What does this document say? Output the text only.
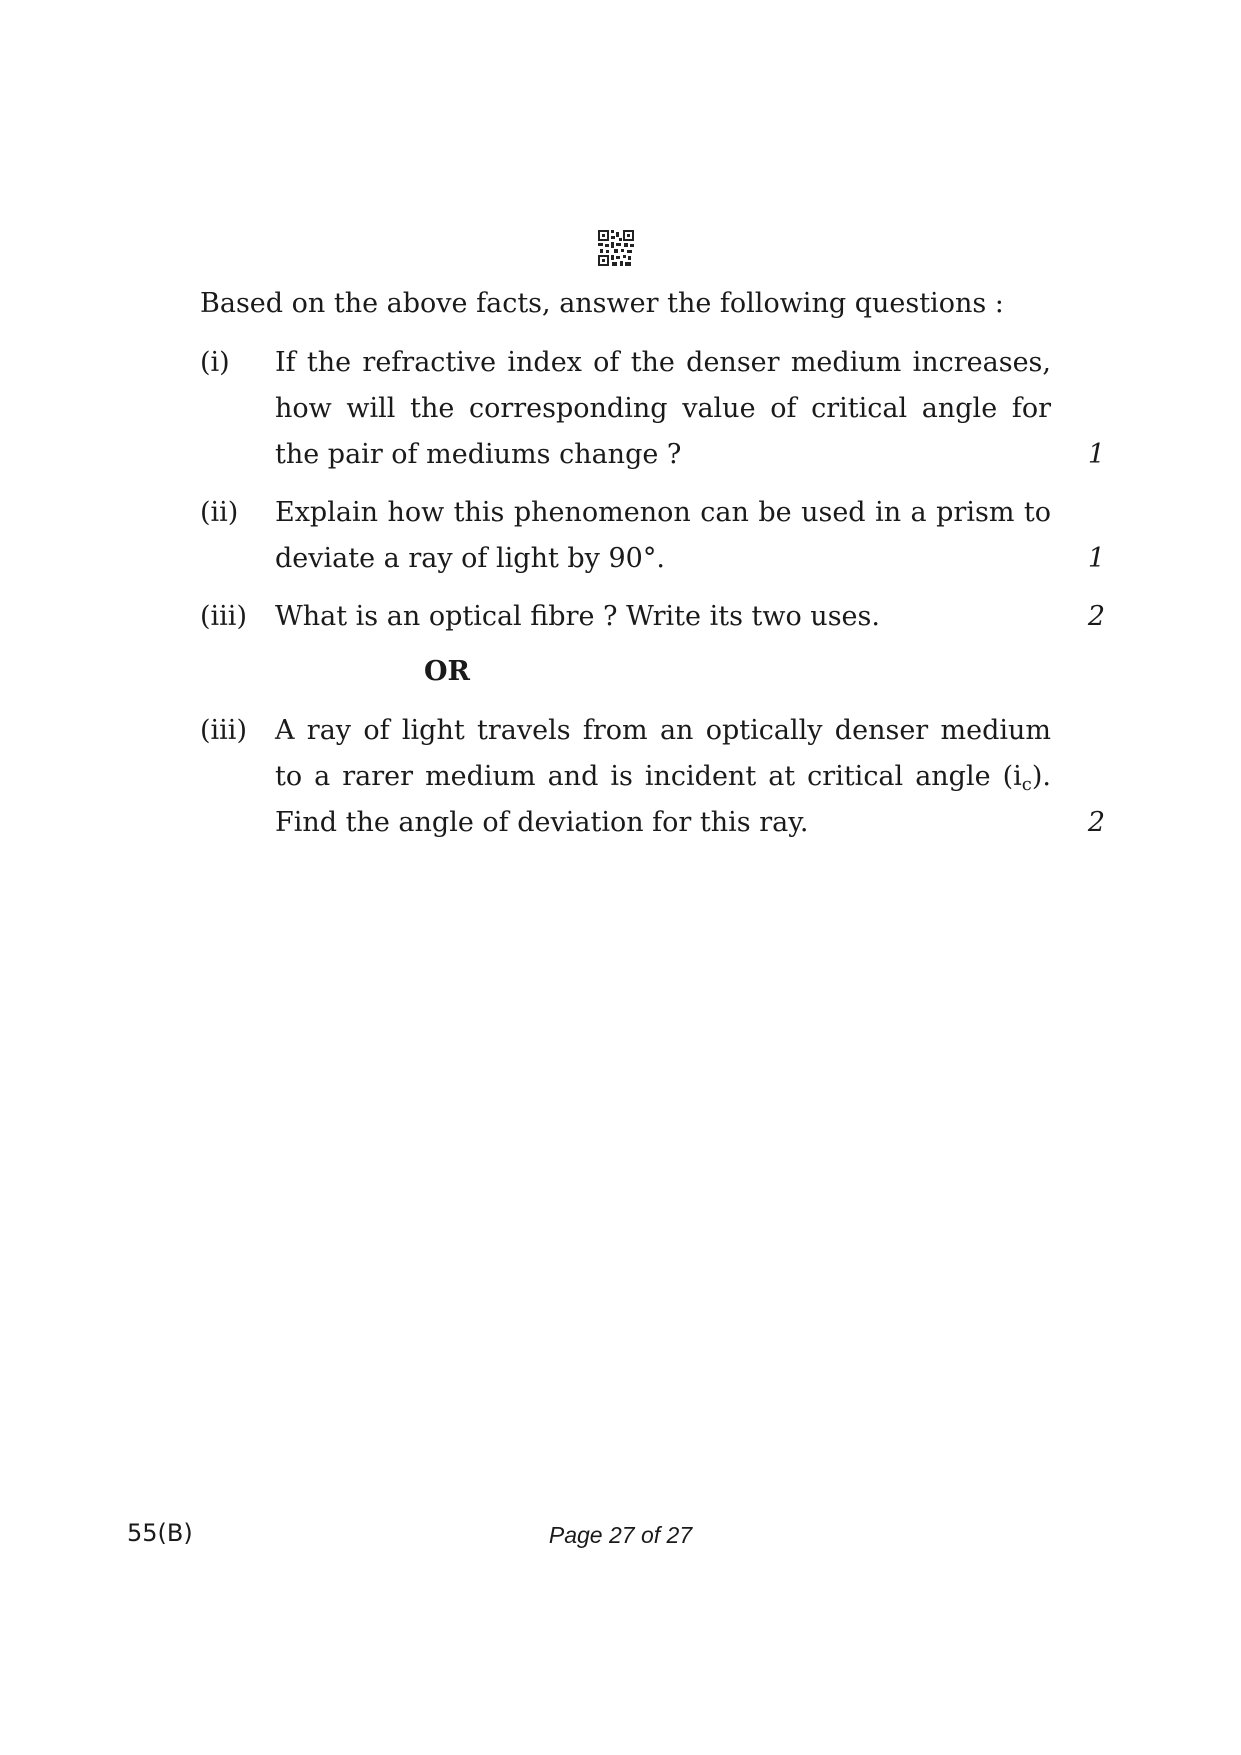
Based on the above facts, answer the following questions :
(i) If the refractive index of the denser medium increases, how will the corresponding value of critical angle for the pair of mediums change ?	1
(ii) Explain how this phenomenon can be used in a prism to deviate a ray of light by 90°.	1
(iii) What is an optical fibre ? Write its two uses.	2
OR
(iii) A ray of light travels from an optically denser medium to a rarer medium and is incident at critical angle $(i_c)$. Find the angle of deviation for this ray.	2
55(B)	Page 27 of 27
